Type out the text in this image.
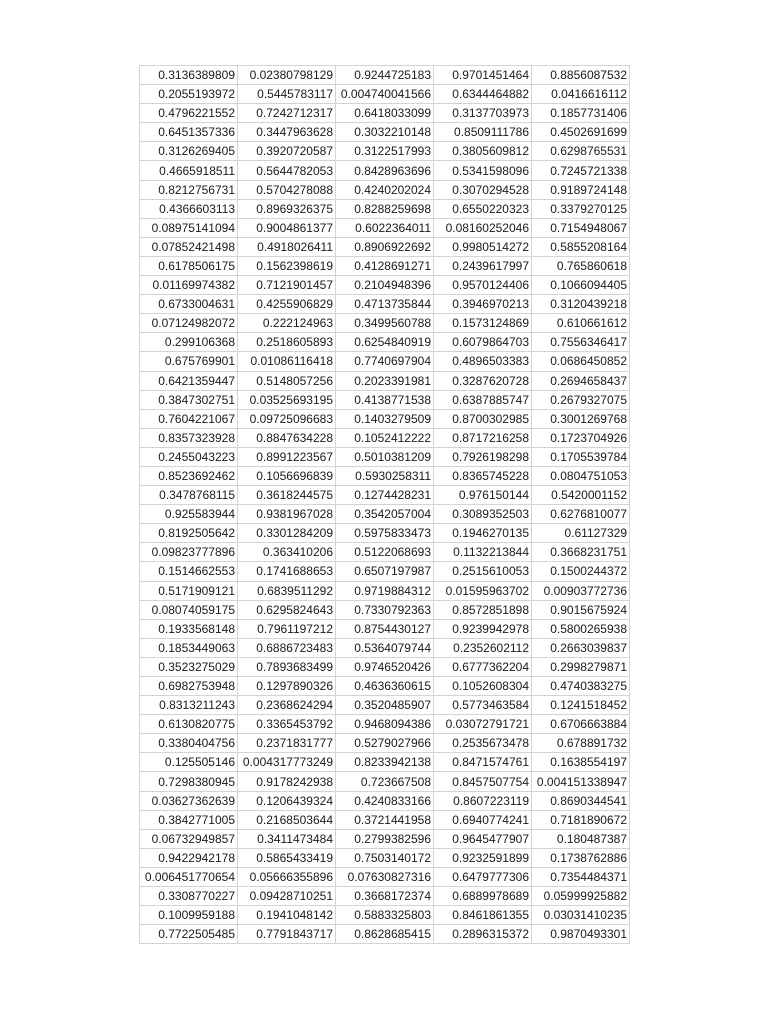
0.3136389809	0.02380798129	0.9244725183	0.9701451464	0.8856087532
0.2055193972	0.5445783117	0.004740041566	0.6344464882	0.0416616112
0.4796221552	0.7242712317	0.6418033099	0.3137703973	0.1857731406
0.6451357336	0.3447963628	0.3032210148	0.8509111786	0.4502691699
0.3126269405	0.3920720587	0.3122517993	0.3805609812	0.6298765531
0.4665918511	0.5644782053	0.8428963696	0.5341598096	0.7245721338
0.8212756731	0.5704278088	0.4240202024	0.3070294528	0.9189724148
0.4366603113	0.8969326375	0.8288259698	0.6550220323	0.3379270125
0.08975141094	0.9004861377	0.6022364011	0.08160252046	0.7154948067
0.07852421498	0.4918026411	0.8906922692	0.9980514272	0.5855208164
0.6178506175	0.1562398619	0.4128691271	0.2439617997	0.765860618
0.01169974382	0.7121901457	0.2104948396	0.9570124406	0.1066094405
0.6733004631	0.4255906829	0.4713735844	0.3946970213	0.3120439218
0.07124982072	0.222124963	0.3499560788	0.1573124869	0.610661612
0.299106368	0.2518605893	0.6254840919	0.6079864703	0.7556346417
0.675769901	0.01086116418	0.7740697904	0.4896503383	0.0686450852
0.6421359447	0.5148057256	0.2023391981	0.3287620728	0.2694658437
0.3847302751	0.03525693195	0.4138771538	0.6387885747	0.2679327075
0.7604221067	0.09725096683	0.1403279509	0.8700302985	0.3001269768
0.8357323928	0.8847634228	0.1052412222	0.8717216258	0.1723704926
0.2455043223	0.8991223567	0.5010381209	0.7926198298	0.1705539784
0.8523692462	0.1056696839	0.5930258311	0.8365745228	0.0804751053
0.3478768115	0.3618244575	0.1274428231	0.976150144	0.5420001152
0.925583944	0.9381967028	0.3542057004	0.3089352503	0.6276810077
0.8192505642	0.3301284209	0.5975833473	0.1946270135	0.61127329
0.09823777896	0.363410206	0.5122068693	0.1132213844	0.3668231751
0.1514662553	0.1741688653	0.6507197987	0.2515610053	0.1500244372
0.5171909121	0.6839511292	0.9719884312	0.01595963702	0.00903772736
0.08074059175	0.6295824643	0.7330792363	0.8572851898	0.9015675924
0.1933568148	0.7961197212	0.8754430127	0.9239942978	0.5800265938
0.1853449063	0.6886723483	0.5364079744	0.2352602112	0.2663039837
0.3523275029	0.7893683499	0.9746520426	0.6777362204	0.2998279871
0.6982753948	0.1297890326	0.4636360615	0.1052608304	0.4740383275
0.8313211243	0.2368624294	0.3520485907	0.5773463584	0.1241518452
0.6130820775	0.3365453792	0.9468094386	0.03072791721	0.6706663884
0.3380404756	0.2371831777	0.5279027966	0.2535673478	0.678891732
0.125505146	0.004317773249	0.8233942138	0.8471574761	0.1638554197
0.7298380945	0.9178242938	0.723667508	0.8457507754	0.004151338947
0.03627362639	0.1206439324	0.4240833166	0.8607223119	0.8690344541
0.3842771005	0.2168503644	0.3721441958	0.6940774241	0.7181890672
0.06732949857	0.3411473484	0.2799382596	0.9645477907	0.180487387
0.9422942178	0.5865433419	0.7503140172	0.9232591899	0.1738762886
0.006451770654	0.05666355896	0.07630827316	0.6479777306	0.7354484371
0.3308770227	0.09428710251	0.3668172374	0.6889978689	0.05999925882
0.1009959188	0.1941048142	0.5883325803	0.8461861355	0.03031410235
0.7722505485	0.7791843717	0.8628685415	0.2896315372	0.9870493301
